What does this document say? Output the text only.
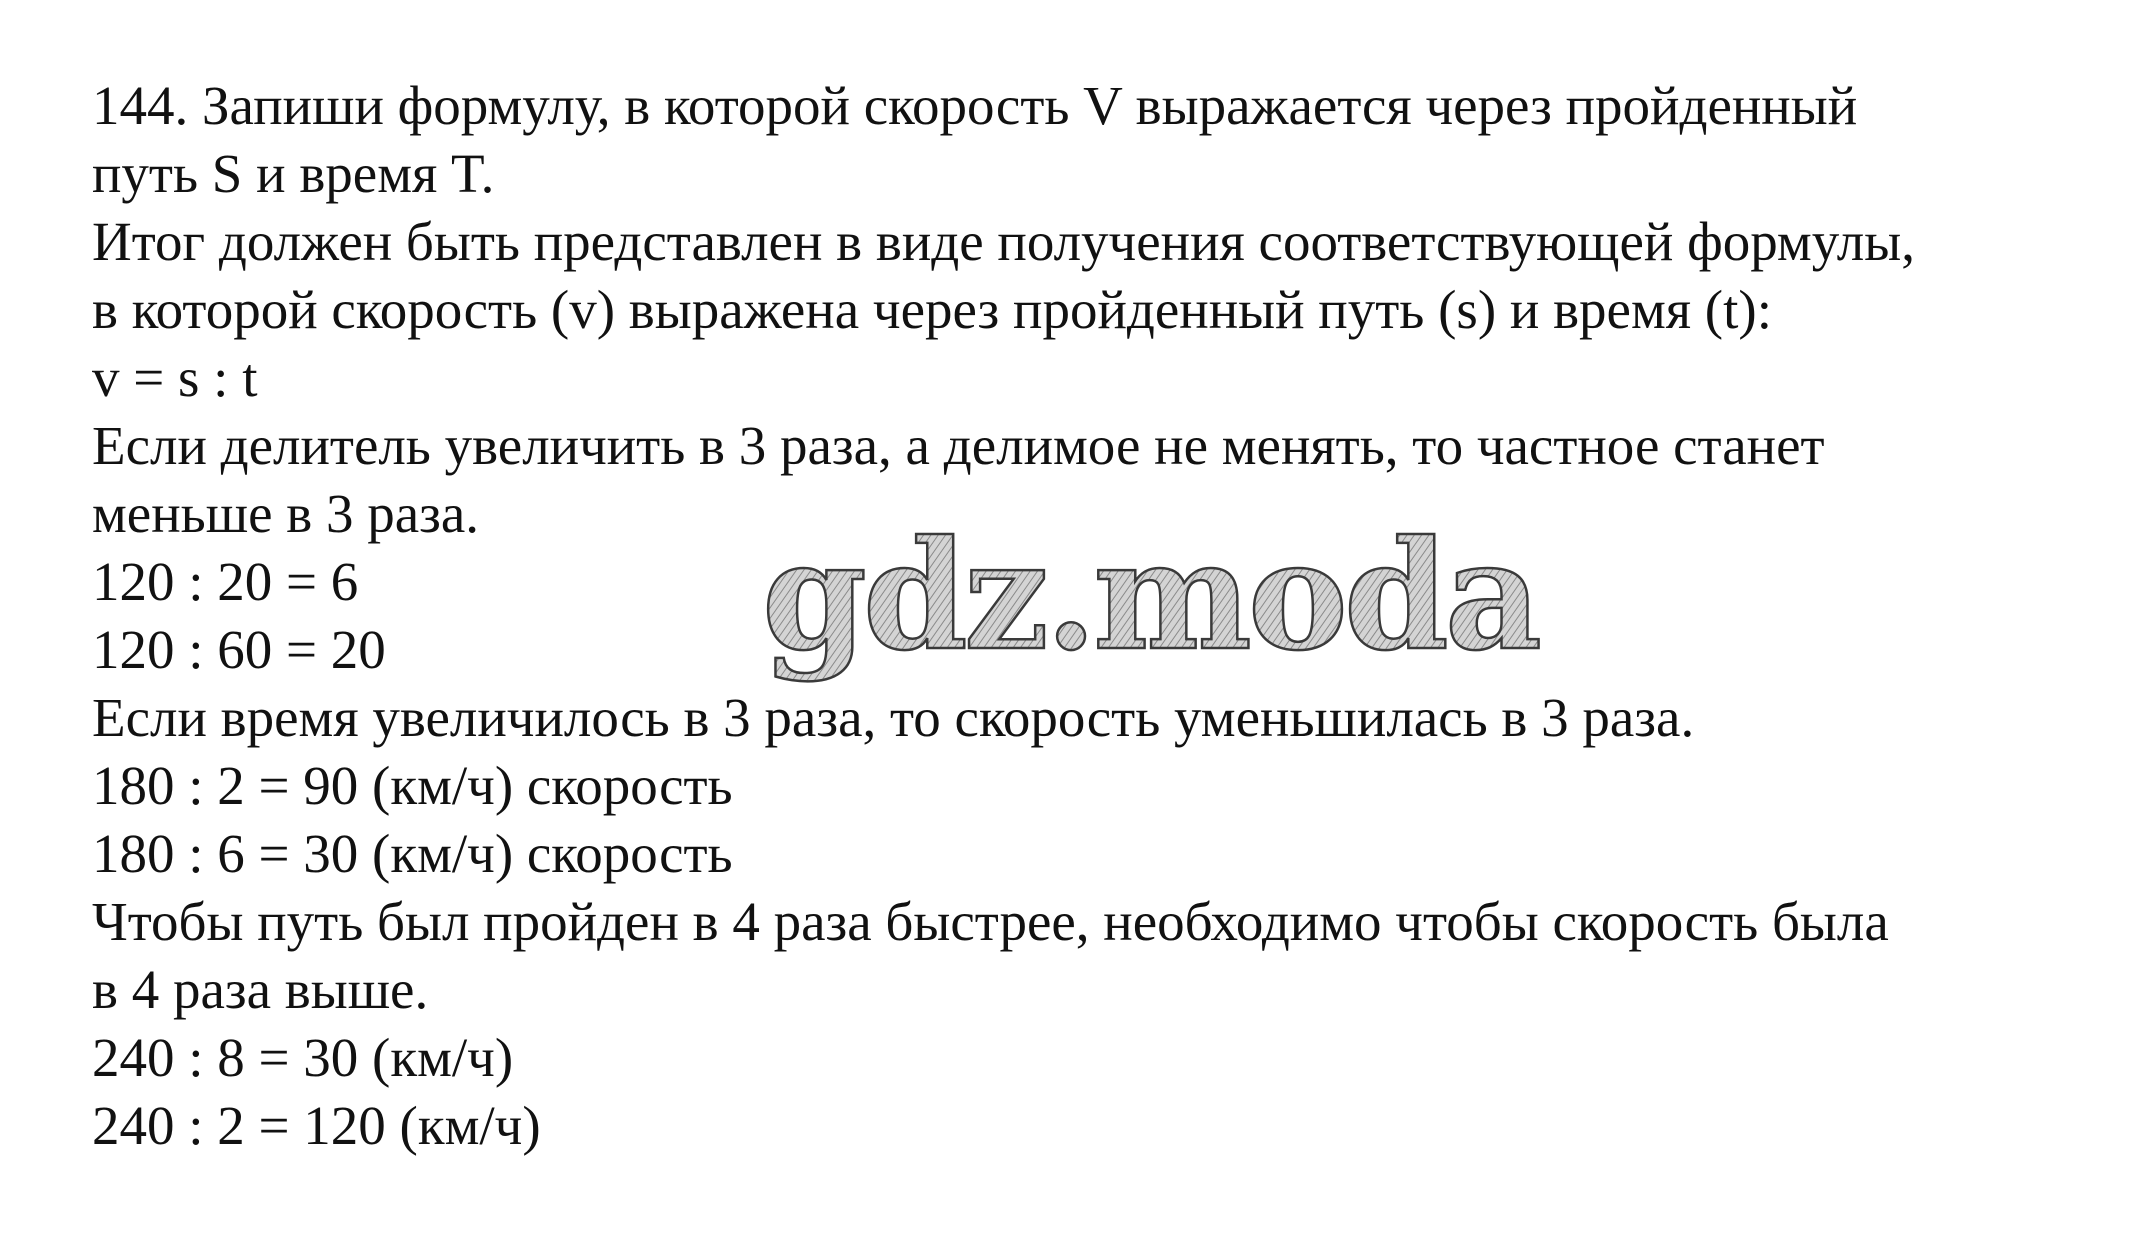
144. Запиши формулу, в которой скорость V выражается через пройденный
путь S и время T.
Итог должен быть представлен в виде получения соответствующей формулы,
в которой скорость (v) выражена через пройденный путь (s) и время (t):
v = s : t
Если делитель увеличить в 3 раза, а делимое не менять, то частное станет
меньше в 3 раза.
120 : 20 = 6
120 : 60 = 20
Если время увеличилось в 3 раза, то скорость уменьшилась в 3 раза.
180 : 2 = 90 (км/ч) скорость
180 : 6 = 30 (км/ч) скорость
Чтобы путь был пройден в 4 раза быстрее, необходимо чтобы скорость была
в 4 раза выше.
240 : 8 = 30 (км/ч)
240 : 2 = 120 (км/ч)
gdz.moda
